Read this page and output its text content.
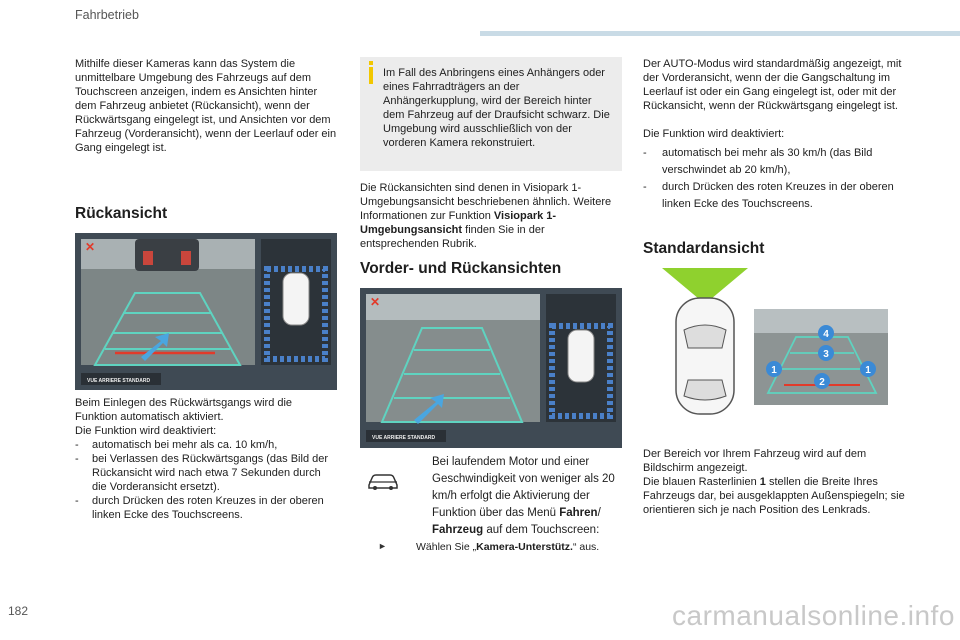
Fahrbetrieb

Mithilfe dieser Kameras kann das System die unmittelbare Umgebung des Fahrzeugs auf dem Touchscreen anzeigen, indem es Ansichten hinter dem Fahrzeug anbietet (Rückansicht), wenn der Rückwärtsgang eingelegt ist, und Ansichten vor dem Fahrzeug (Vorderansicht), wenn der Leerlauf oder ein Gang eingelegt ist.

Rückansicht
✕
VUE ARRIERE STANDARD

Beim Einlegen des Rückwärtsgangs wird die Funktion automatisch aktiviert.

Die Funktion wird deaktiviert:

- automatisch bei mehr als ca. 10 km/h,
- bei Verlassen des Rückwärtsgangs (das Bild der Rückansicht wird nach etwa 7 Sekunden durch die Vorderansicht ersetzt).
- durch Drücken des roten Kreuzes in der oberen linken Ecke des Touchscreens.

Im Fall des Anbringens eines Anhängers oder eines Fahrradträgers an der Anhängerkupplung, wird der Bereich hinter dem Fahrzeug auf der Draufsicht schwarz. Die Umgebung wird ausschließlich von der vorderen Kamera rekonstruiert.

Die Rückansichten sind denen in Visiopark 1-Umgebungsansicht beschriebenen ähnlich. Weitere Informationen zur Funktion Visiopark 1-Umgebungsansicht finden Sie in der entsprechenden Rubrik.

Vorder- und Rückansichten
✕
VUE ARRIERE STANDARD

Bei laufendem Motor und einer Geschwindigkeit von weniger als 20 km/h erfolgt die Aktivierung der Funktion über das Menü Fahren/ Fahrzeug auf dem Touchscreen:

►	Wählen Sie „Kamera-Unterstütz.“ aus.

Der AUTO-Modus wird standardmäßig angezeigt, mit der Vorderansicht, wenn der die Gangschaltung im Leerlauf ist oder ein Gang eingelegt ist, oder mit der Rückansicht, wenn der Rückwärtsgang eingelegt ist.

Die Funktion wird deaktiviert:

- automatisch bei mehr als 30 km/h (das Bild verschwindet ab 20 km/h),
- durch Drücken des roten Kreuzes in der oberen linken Ecke des Touchscreens.
Standardansicht
4
3
1	1
2

Der Bereich vor Ihrem Fahrzeug wird auf dem Bildschirm angezeigt.

Die blauen Rasterlinien 1 stellen die Breite Ihres Fahrzeugs dar, bei ausgeklappten Außenspiegeln; sie orientieren sich je nach Position des Lenkrads.

182	carmanualsonline.info
